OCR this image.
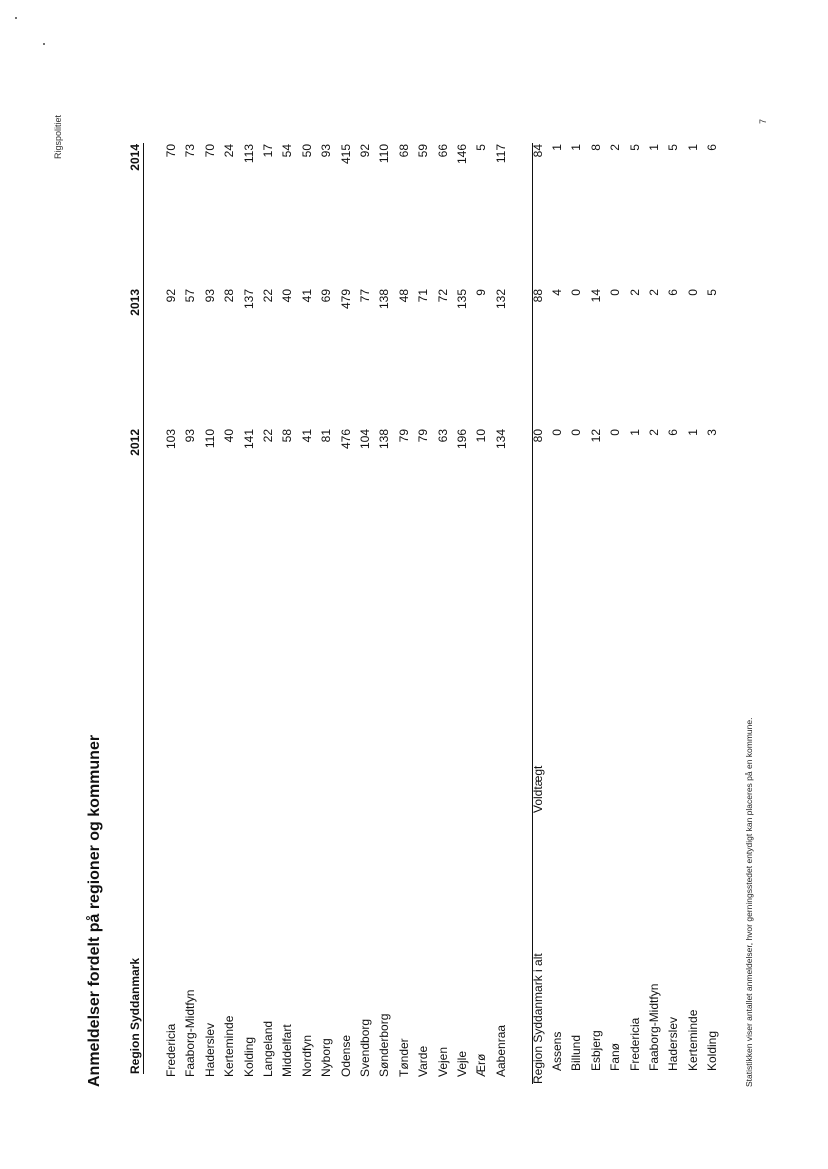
Rigspolitiet	7
Anmeldelser fordelt på regioner og kommuner Region Syddanmark
2012
2013
2014
Fredericia
103
92
70
Faaborg-Midtfyn
93
57
73
Haderslev
110
93
70
Kerteminde
40
28
24
Kolding
141
137
113
Langeland
22
22
17
Middelfart
58
40
54
Nordfyn
41
41
50
Nyborg
81
69
93
Odense
476
479
415
Svendborg
104
77
92
Sønderborg
138
138
110
Tønder
79
48
68
Varde
79
71
59
Vejen
63
72
66
Vejle
196
135
146
Ærø
10
9
5
Aabenraa
134
132
117
Region Syddanmark i alt
Voldtægt
80
88
84
Assens
0
4
1
Billund
0
0
1
Esbjerg
12
14
8
Fanø
0
0
2
Fredericia
1
2
5
Faaborg-Midtfyn
2
2
1
Haderslev
6
6
5
Kerteminde
1
0
1
Kolding
3
5
6
Statistikken viser antallet anmeldelser, hvor gerningsstedet entydigt kan placeres på en kommune.
